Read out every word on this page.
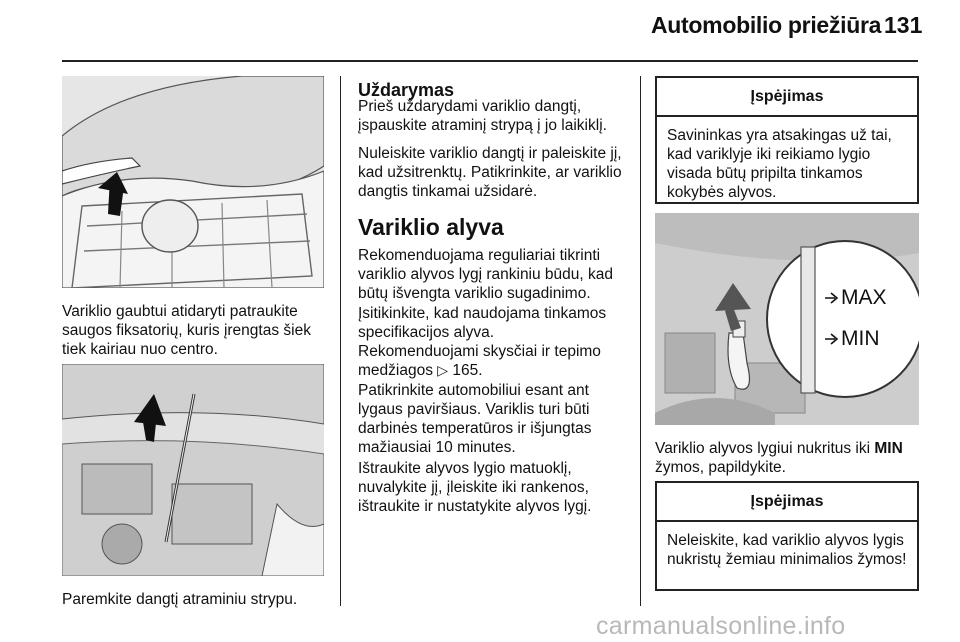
Automobilio priežiūra 131

Variklio gaubtui atidaryti patraukite saugos fiksatorių, kuris įrengtas šiek tiek kairiau nuo centro.

Paremkite dangtį atraminiu strypu.

Uždarymas

Prieš uždarydami variklio dangtį, įspauskite atraminį strypą į jo laikiklį.

Nuleiskite variklio dangtį ir paleiskite jį, kad užsitrenktų. Patikrinkite, ar variklio dangtis tinkamai užsidarė.

Variklio alyva

Rekomenduojama reguliariai tikrinti variklio alyvos lygį rankiniu būdu, kad būtų išvengta variklio sugadinimo.

Įsitikinkite, kad naudojama tinkamos specifikacijos alyva.
Rekomenduojami skysčiai ir tepimo medžiagos ▷ 165.

Patikrinkite automobiliui esant ant lygaus paviršiaus. Variklis turi būti darbinės temperatūros ir išjungtas mažiausiai 10 minutes.

Ištraukite alyvos lygio matuoklį, nuvalykite jį, įleiskite iki rankenos, ištraukite ir nustatykite alyvos lygį.

Įspėjimas
Savininkas yra atsakingas už tai, kad variklyje iki reikiamo lygio visada būtų pripilta tinkamos kokybės alyvos.
MAX
MIN

Variklio alyvos lygiui nukritus iki MIN žymos, papildykite.

Įspėjimas
Neleiskite, kad variklio alyvos lygis nukristų žemiau minimalios žymos!
carmanualsonline.info
